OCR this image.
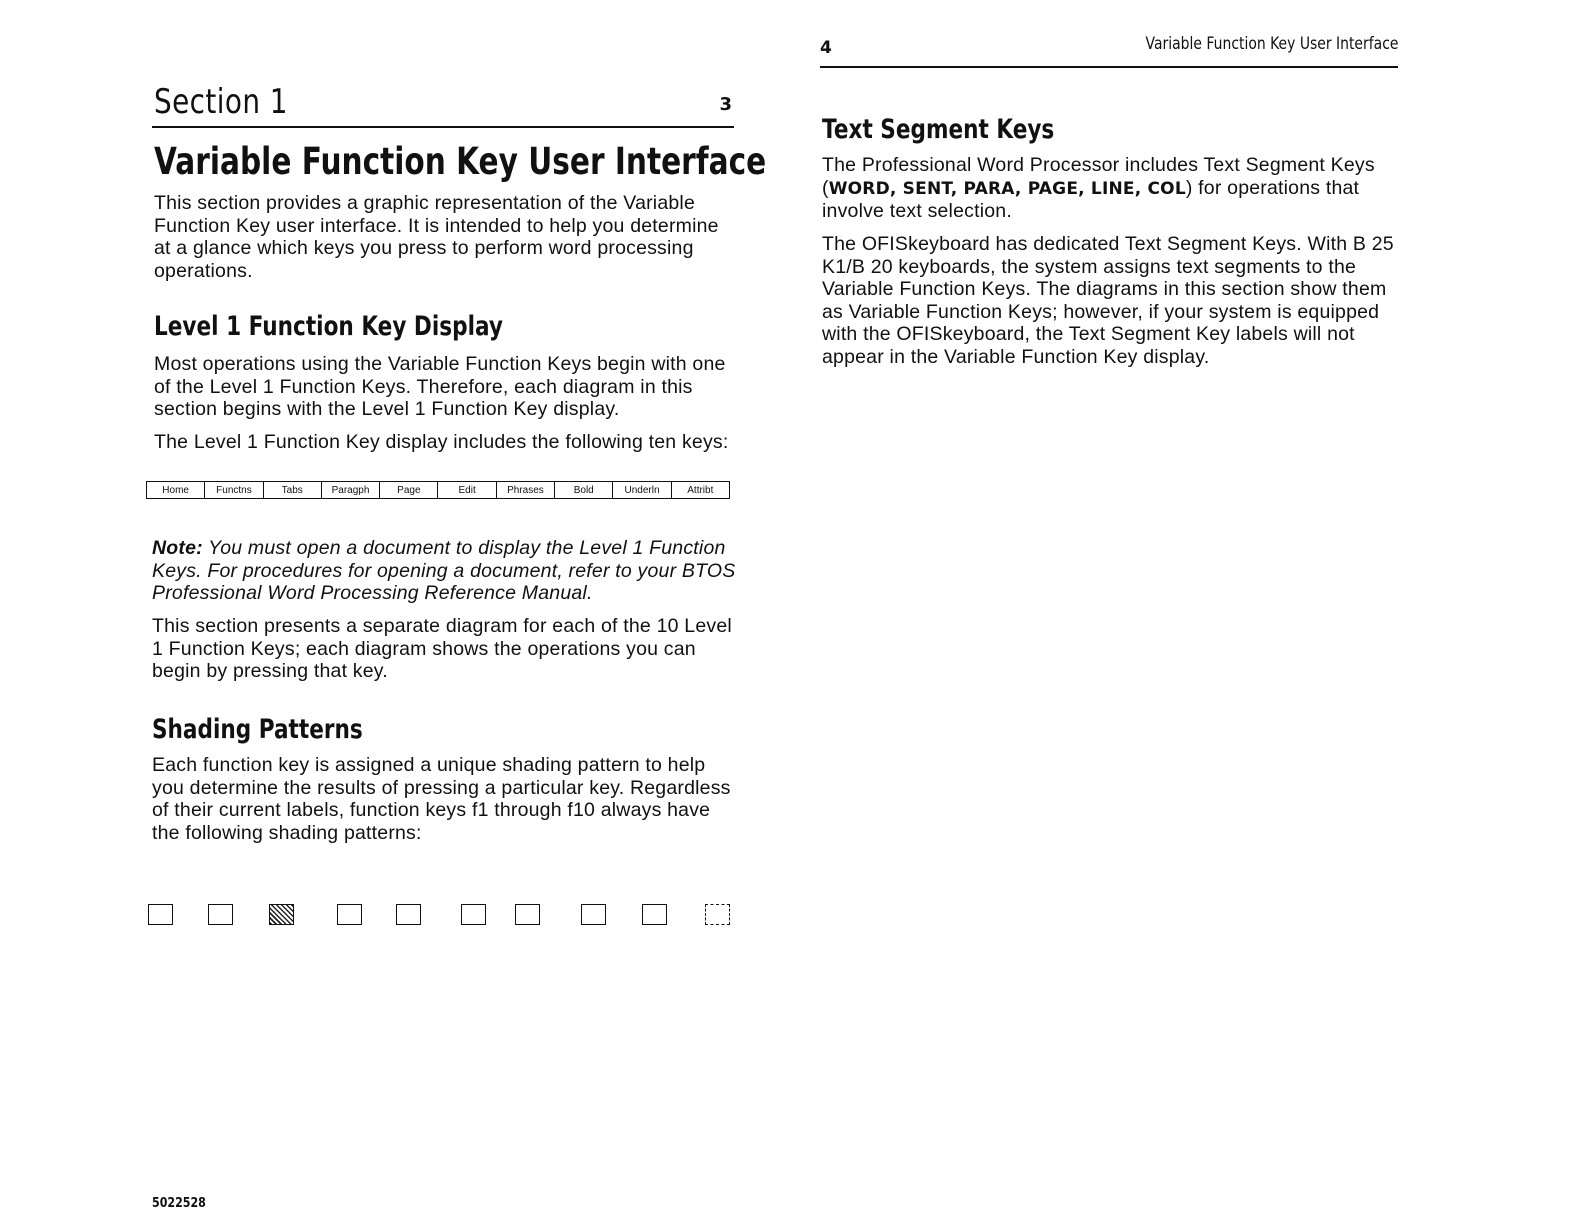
Section 1	3
Variable Function Key User Interface
This section provides a graphic representation of the Variable Function Key user interface. It is intended to help you determine at a glance which keys you press to perform word processing operations.
Level 1 Function Key Display
Most operations using the Variable Function Keys begin with one of the Level 1 Function Keys. Therefore, each diagram in this section begins with the Level 1 Function Key display.
The Level 1 Function Key display includes the following ten keys:
Home	Functns	Tabs	Paragph	Page	Edit	Phrases	Bold	Underln	Attribt
Note: You must open a document to display the Level 1 Function Keys. For procedures for opening a document, refer to your BTOS Professional Word Processing Reference Manual.
This section presents a separate diagram for each of the 10 Level 1 Function Keys; each diagram shows the operations you can begin by pressing that key.
Shading Patterns
Each function key is assigned a unique shading pattern to help you determine the results of pressing a particular key. Regardless of their current labels, function keys f1 through f10 always have the following shading patterns:
5022528
4	Variable Function Key User Interface
Text Segment Keys
The Professional Word Processor includes Text Segment Keys (WORD, SENT, PARA, PAGE, LINE, COL) for operations that involve text selection.
The OFISkeyboard has dedicated Text Segment Keys. With B 25 K1/B 20 keyboards, the system assigns text segments to the Variable Function Keys. The diagrams in this section show them as Variable Function Keys; however, if your system is equipped with the OFISkeyboard, the Text Segment Key labels will not appear in the Variable Function Key display.
